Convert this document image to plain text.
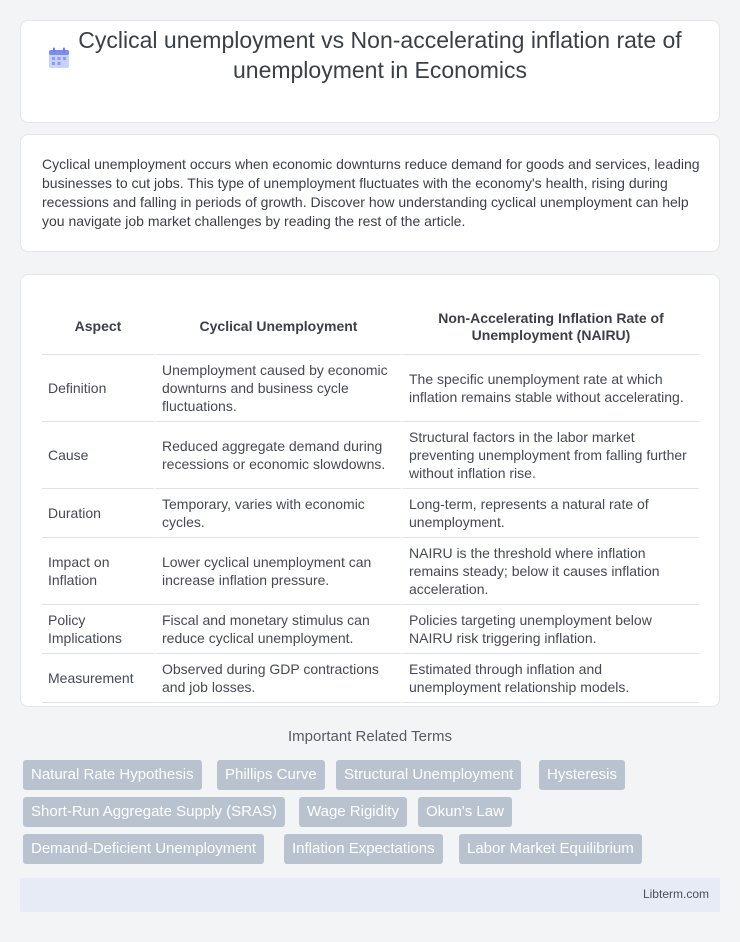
Cyclical unemployment vs Non-accelerating inflation rate of unemployment in Economics

Cyclical unemployment occurs when economic downturns reduce demand for goods and services, leading businesses to cut jobs. This type of unemployment fluctuates with the economy's health, rising during recessions and falling in periods of growth. Discover how understanding cyclical unemployment can help you navigate job market challenges by reading the rest of the article.

Aspect	Cyclical Unemployment	Non-Accelerating Inflation Rate of Unemployment (NAIRU)
Definition	Unemployment caused by economic downturns and business cycle fluctuations.	The specific unemployment rate at which inflation remains stable without accelerating.
Cause	Reduced aggregate demand during recessions or economic slowdowns.	Structural factors in the labor market preventing unemployment from falling further without inflation rise.
Duration	Temporary, varies with economic cycles.	Long-term, represents a natural rate of unemployment.
Impact on Inflation	Lower cyclical unemployment can increase inflation pressure.	NAIRU is the threshold where inflation remains steady; below it causes inflation acceleration.
Policy Implications	Fiscal and monetary stimulus can reduce cyclical unemployment.	Policies targeting unemployment below NAIRU risk triggering inflation.
Measurement	Observed during GDP contractions and job losses.	Estimated through inflation and unemployment relationship models.
Important Related Terms
Natural Rate Hypothesis	Phillips Curve	Structural Unemployment	Hysteresis
Short-Run Aggregate Supply (SRAS)	Wage Rigidity	Okun's Law
Demand-Deficient Unemployment	Inflation Expectations	Labor Market Equilibrium
Libterm.com
